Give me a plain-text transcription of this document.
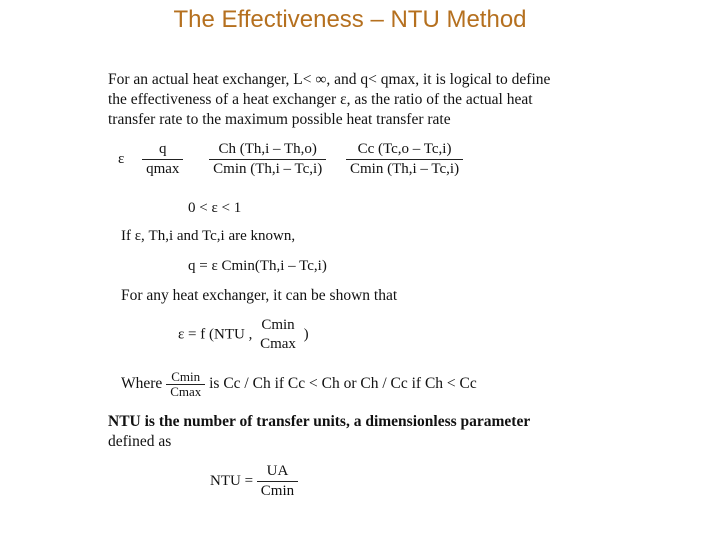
The Effectiveness – NTU Method
For an actual heat exchanger, L< ∞, and q< qmax, it is logical to define
the effectiveness of a heat exchanger ε, as the ratio of the actual heat
transfer rate to the maximum possible heat transfer rate
ε
q
qmax

Ch (Th,i – Th,o)
Cmin (Th,i – Tc,i)

Cc (Tc,o – Tc,i)
Cmin (Th,i – Tc,i)
0 < ε < 1
If ε, Th,i and Tc,i are known,
q = ε Cmin(Th,i – Tc,i)
For any heat exchanger, it can be shown that
ε = f (NTU ,
Cmin
Cmax
)
Where Cmin
Cmax is Cc / Ch if Cc < Ch or Ch / Cc if Ch < Cc
NTU is the number of transfer units, a dimensionless parameter
defined as
NTU =
UA
Cmin
